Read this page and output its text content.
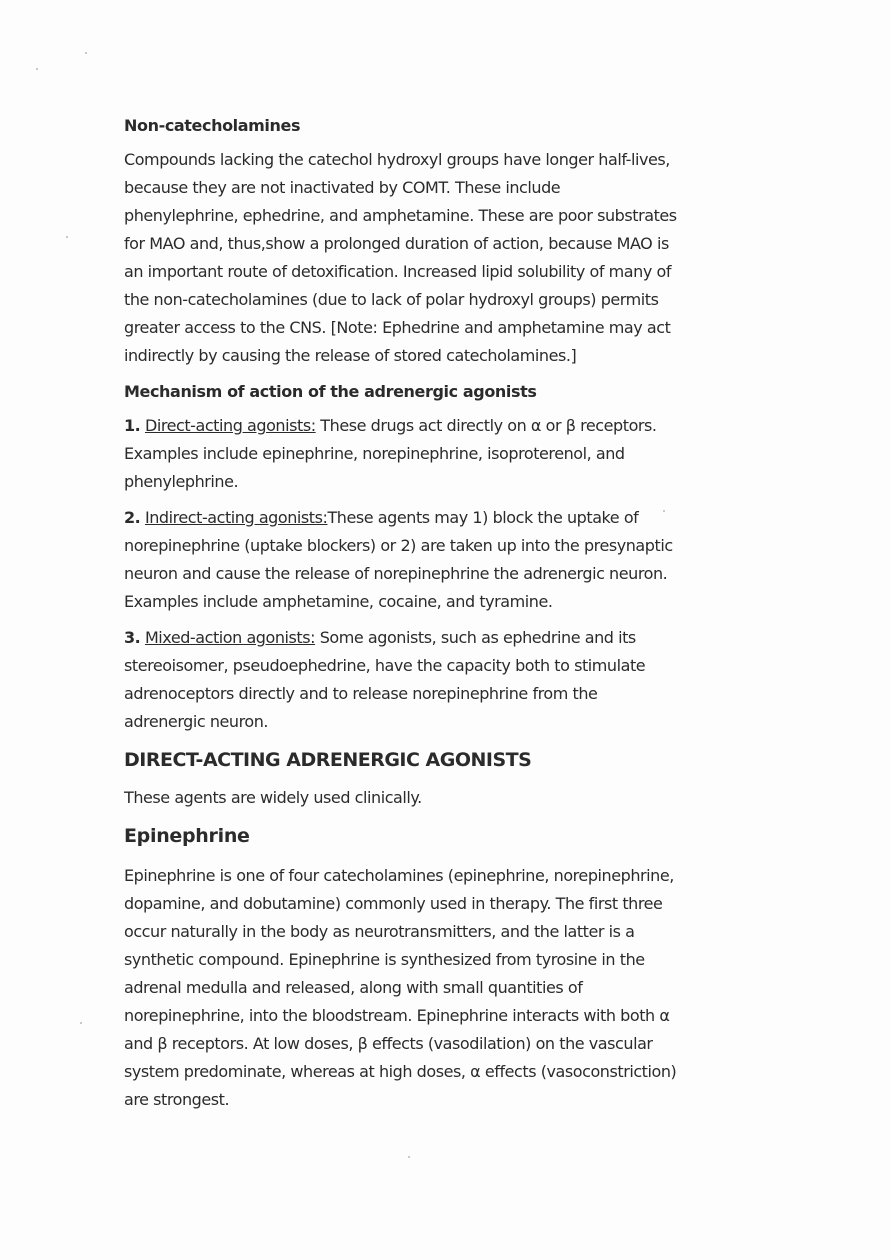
Non-catecholamines
Compounds lacking the catechol hydroxyl groups have longer half-lives,
because they are not inactivated by COMT. These include
phenylephrine, ephedrine, and amphetamine. These are poor substrates
for MAO and, thus,show a prolonged duration of action, because MAO is
an important route of detoxification. Increased lipid solubility of many of
the non-catecholamines (due to lack of polar hydroxyl groups) permits
greater access to the CNS. [Note: Ephedrine and amphetamine may act
indirectly by causing the release of stored catecholamines.]
Mechanism of action of the adrenergic agonists
1. Direct-acting agonists: These drugs act directly on α or β receptors.
Examples include epinephrine, norepinephrine, isoproterenol, and
phenylephrine.
2. Indirect-acting agonists:These agents may 1) block the uptake of
norepinephrine (uptake blockers) or 2) are taken up into the presynaptic
neuron and cause the release of norepinephrine the adrenergic neuron.
Examples include amphetamine, cocaine, and tyramine.
3. Mixed-action agonists: Some agonists, such as ephedrine and its
stereoisomer, pseudoephedrine, have the capacity both to stimulate
adrenoceptors directly and to release norepinephrine from the
adrenergic neuron.
DIRECT-ACTING ADRENERGIC AGONISTS
These agents are widely used clinically.
Epinephrine
Epinephrine is one of four catecholamines (epinephrine, norepinephrine,
dopamine, and dobutamine) commonly used in therapy. The first three
occur naturally in the body as neurotransmitters, and the latter is a
synthetic compound. Epinephrine is synthesized from tyrosine in the
adrenal medulla and released, along with small quantities of
norepinephrine, into the bloodstream. Epinephrine interacts with both α
and β receptors. At low doses, β effects (vasodilation) on the vascular
system predominate, whereas at high doses, α effects (vasoconstriction)
are strongest.
